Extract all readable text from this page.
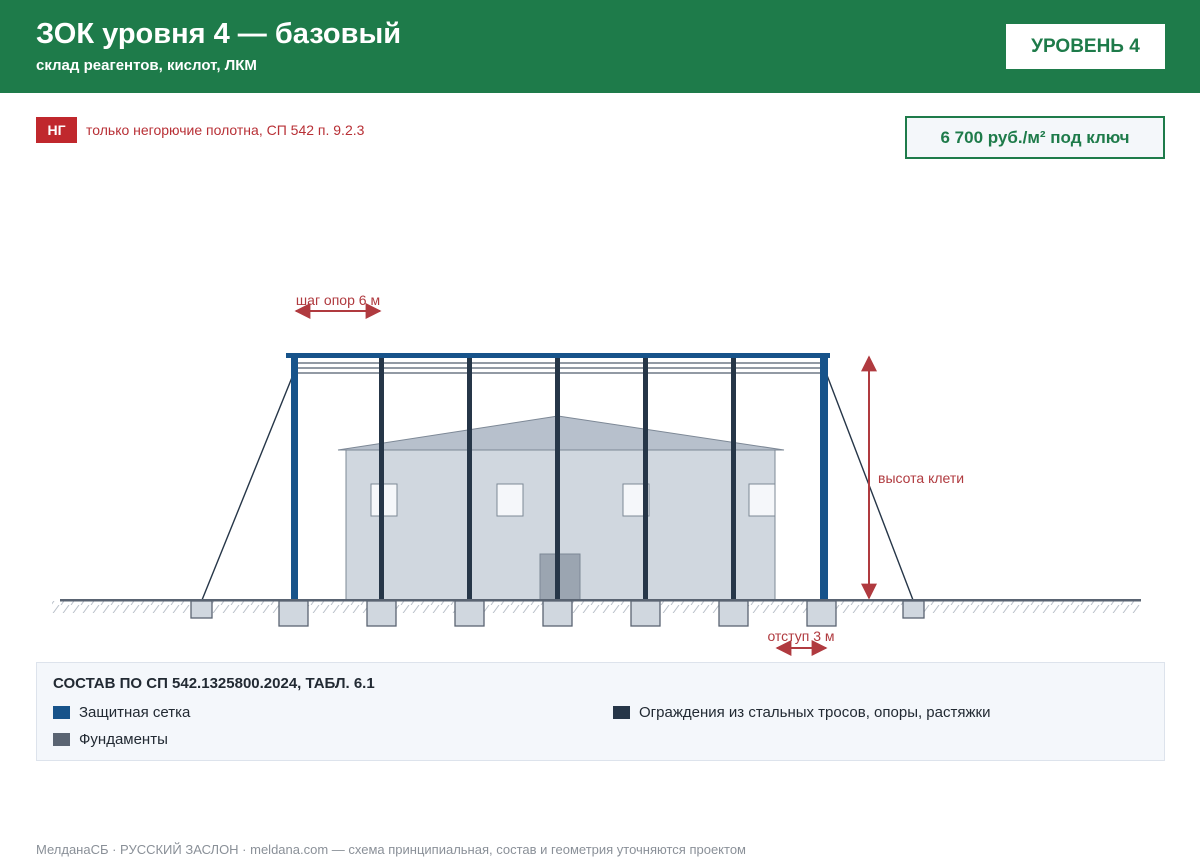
ЗОК уровня 4 — базовый
склад реагентов, кислот, ЛКМ
УРОВЕНЬ 4
НГ	только негорючие полотна, СП 542 п. 9.2.3	6 700 руб./м² под ключ
шаг опор 6 м
высота клети
отступ 3 м
СОСТАВ ПО СП 542.1325800.2024, ТАБЛ. 6.1
Защитная сетка	Ограждения из стальных тросов, опоры, растяжки
Фундаменты
МелданаСБ · РУССКИЙ ЗАСЛОН · meldana.com — схема принципиальная, состав и геометрия уточняются проектом
